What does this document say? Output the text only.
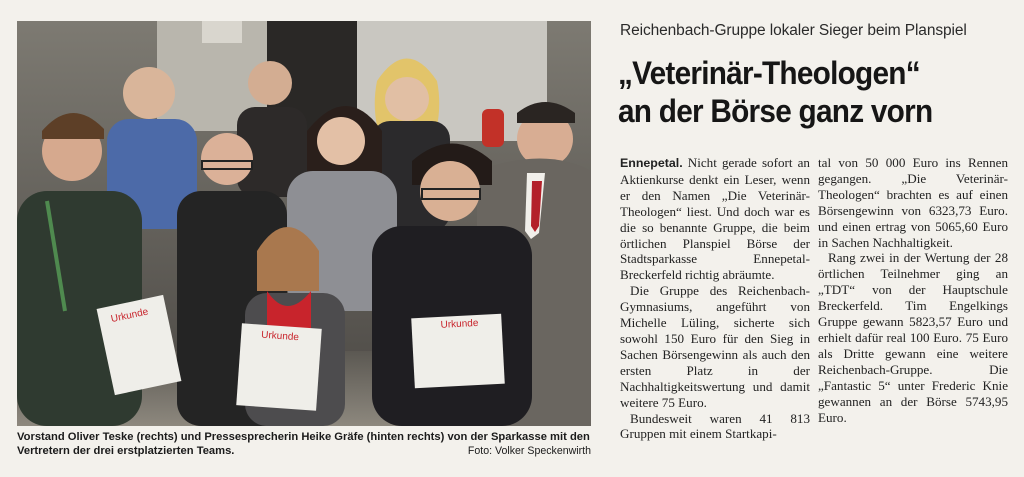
Urkunde
Urkunde
Urkunde
Vorstand Oliver Teske (rechts) und Pressesprecherin Heike Gräfe (hinten rechts) von der Sparkasse mit den Vertretern der drei erstplatzierten Teams.	Foto: Volker Speckenwirth
Reichenbach-Gruppe lokaler Sieger beim Planspiel
„Veterinär-Theologen“
an der Börse ganz vorn

Ennepetal. Nicht gerade sofort an Aktienkurse denkt ein Leser, wenn er den Namen „Die Veterinär-Theologen“ liest. Und doch war es die so benannte Gruppe, die beim örtlichen Planspiel Börse der Stadtsparkasse Ennepetal-Breckerfeld richtig abräumte.

Die Gruppe des Reichenbach-Gymnasiums, angeführt von Michelle Lüling, sicherte sich sowohl 150 Euro für den Sieg in Sachen Börsengewinn als auch den ersten Platz in der Nachhaltigkeitswertung und damit weitere 75 Euro.

Bundesweit waren 41 813 Gruppen mit einem Startkapi-

tal von 50 000 Euro ins Rennen gegangen. „Die Veterinär-Theologen“ brachten es auf einen Börsengewinn von 6323,73 Euro. und einen ertrag von 5065,60 Euro in Sachen Nachhaltigkeit.

Rang zwei in der Wertung der 28 örtlichen Teilnehmer ging an „TDT“ von der Hauptschule Breckerfeld. Tim Engelkings Gruppe gewann 5823,57 Euro und erhielt dafür real 100 Euro. 75 Euro als Dritte gewann eine weitere Reichenbach-Gruppe. Die „Fantastic 5“ unter Frederic Knie gewannen an der Börse 5743,95 Euro.
